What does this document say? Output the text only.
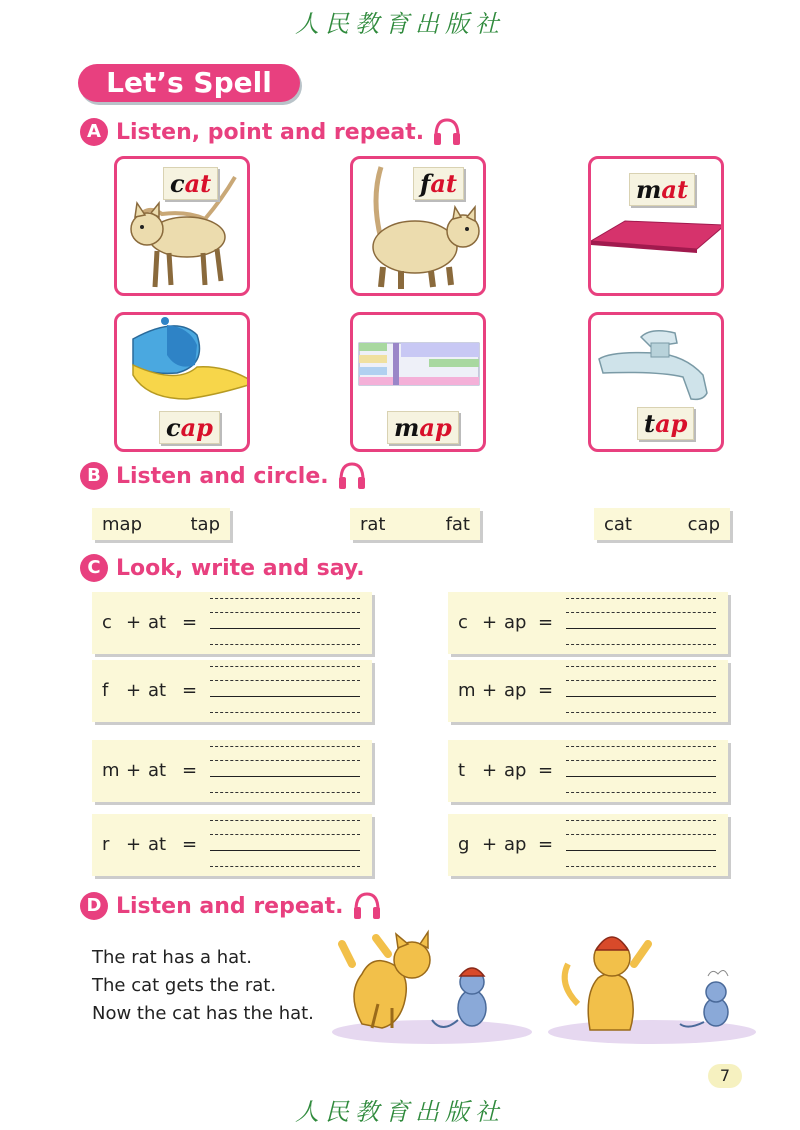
人民教育出版社
Let’s Spell
A Listen, point and repeat.
cat	fat	mat
cap	map	tap
B Listen and circle.
map	tap	rat	fat	cat	cap
C Look, write and say.
c + at =	c + ap =
f + at =	m + ap =
m + at =	t + ap =
r + at =	g + ap =
D Listen and repeat.
The rat has a hat.
The cat gets the rat.
Now the cat has the hat.
7
人民教育出版社
